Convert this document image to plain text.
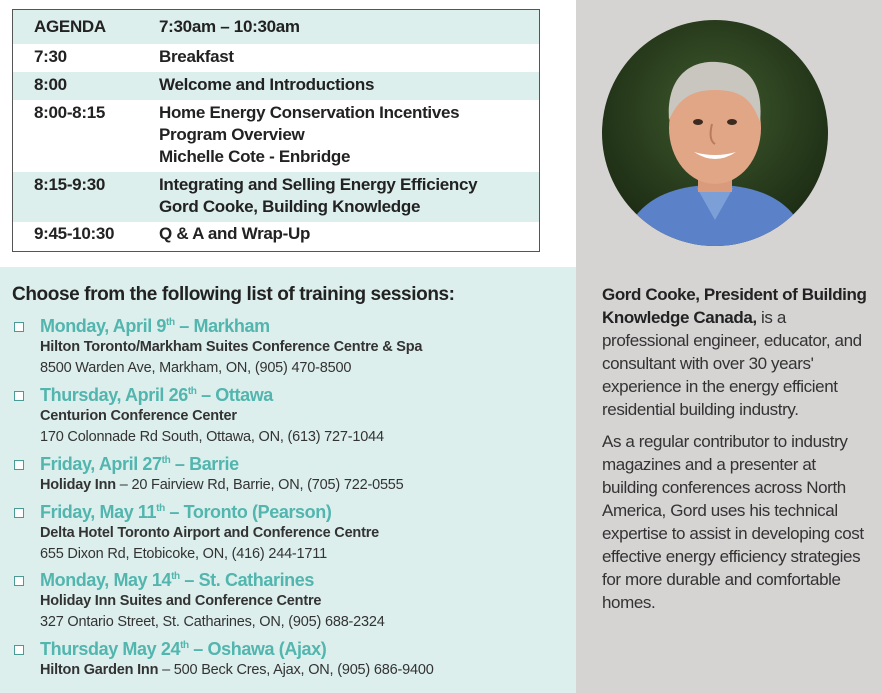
AGENDA	7:30am – 10:30am
7:30	Breakfast
8:00	Welcome and Introductions
8:00-8:15	Home Energy Conservation Incentives
Program Overview
Michelle Cote - Enbridge
8:15-9:30	Integrating and Selling Energy Efficiency
Gord Cooke, Building Knowledge
9:45-10:30	Q & A and Wrap-Up
Choose from the following list of training sessions:
Monday, April 9th – Markham
Hilton Toronto/Markham Suites Conference Centre & Spa
8500 Warden Ave, Markham, ON, (905) 470-8500
Thursday, April 26th – Ottawa
Centurion Conference Center
170 Colonnade Rd South, Ottawa, ON, (613) 727-1044
Friday, April 27th – Barrie
Holiday Inn – 20 Fairview Rd, Barrie, ON, (705) 722-0555
Friday, May 11th – Toronto (Pearson)
Delta Hotel Toronto Airport and Conference Centre
655 Dixon Rd, Etobicoke, ON, (416) 244-1711
Monday, May 14th – St. Catharines
Holiday Inn Suites and Conference Centre
327 Ontario Street, St. Catharines, ON, (905) 688-2324
Thursday May 24th – Oshawa (Ajax)
Hilton Garden Inn – 500 Beck Cres, Ajax, ON, (905) 686-9400

Gord Cooke, President of Building Knowledge Canada, is a professional engineer, educator, and consultant with over 30 years' experience in the energy efficient residential building industry.

As a regular contributor to industry magazines and a presenter at building conferences across North America, Gord uses his technical expertise to assist in developing cost effective energy efficiency strategies for more durable and comfortable homes.
